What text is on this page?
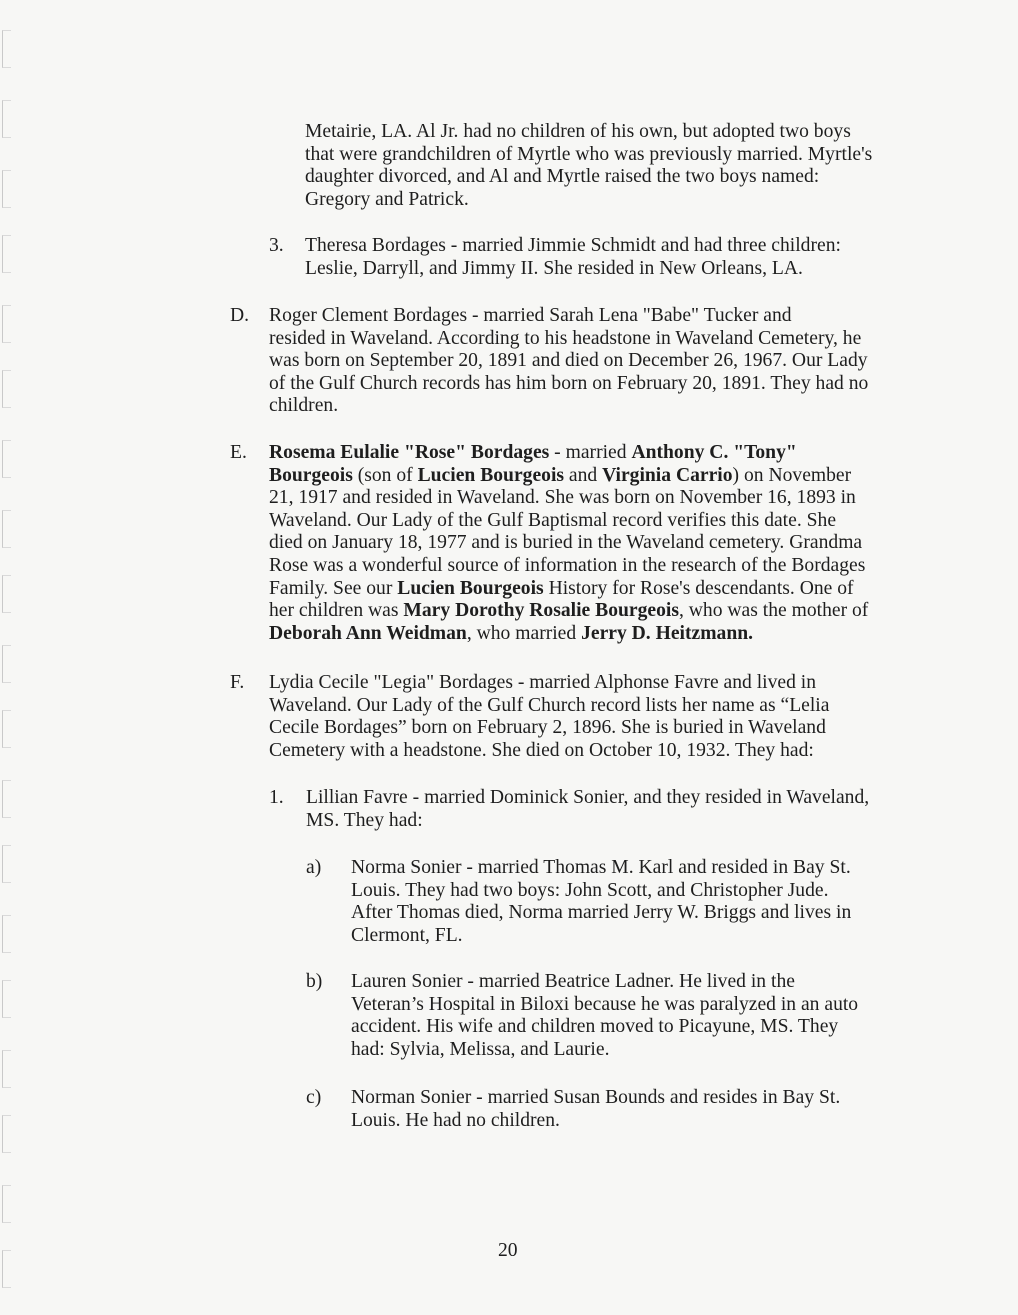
Metairie, LA. Al Jr. had no children of his own, but adopted two boys

that were grandchildren of Myrtle who was previously married. Myrtle's

daughter divorced, and Al and Myrtle raised the two boys named:

Gregory and Patrick.

3. Theresa Bordages - married Jimmie Schmidt and had three children:

Leslie, Darryll, and Jimmy II. She resided in New Orleans, LA.

D. Roger Clement Bordages - married Sarah Lena "Babe" Tucker and

resided in Waveland. According to his headstone in Waveland Cemetery, he

was born on September 20, 1891 and died on December 26, 1967. Our Lady

of the Gulf Church records has him born on February 20, 1891. They had no

children.

E. Rosema Eulalie "Rose" Bordages - married Anthony C. "Tony"

Bourgeois (son of Lucien Bourgeois and Virginia Carrio) on November

21, 1917 and resided in Waveland. She was born on November 16, 1893 in

Waveland. Our Lady of the Gulf Baptismal record verifies this date. She

died on January 18, 1977 and is buried in the Waveland cemetery. Grandma

Rose was a wonderful source of information in the research of the Bordages

Family. See our Lucien Bourgeois History for Rose's descendants. One of

her children was Mary Dorothy Rosalie Bourgeois, who was the mother of

Deborah Ann Weidman, who married Jerry D. Heitzmann.

F. Lydia Cecile "Legia" Bordages - married Alphonse Favre and lived in

Waveland. Our Lady of the Gulf Church record lists her name as “Lelia

Cecile Bordages” born on February 2, 1896. She is buried in Waveland

Cemetery with a headstone. She died on October 10, 1932. They had:

1. Lillian Favre - married Dominick Sonier, and they resided in Waveland,

MS. They had:

a) Norma Sonier - married Thomas M. Karl and resided in Bay St.

Louis. They had two boys: John Scott, and Christopher Jude.

After Thomas died, Norma married Jerry W. Briggs and lives in

Clermont, FL.

b) Lauren Sonier - married Beatrice Ladner. He lived in the

Veteran’s Hospital in Biloxi because he was paralyzed in an auto

accident. His wife and children moved to Picayune, MS. They

had: Sylvia, Melissa, and Laurie.

c) Norman Sonier - married Susan Bounds and resides in Bay St.

Louis. He had no children.

20
